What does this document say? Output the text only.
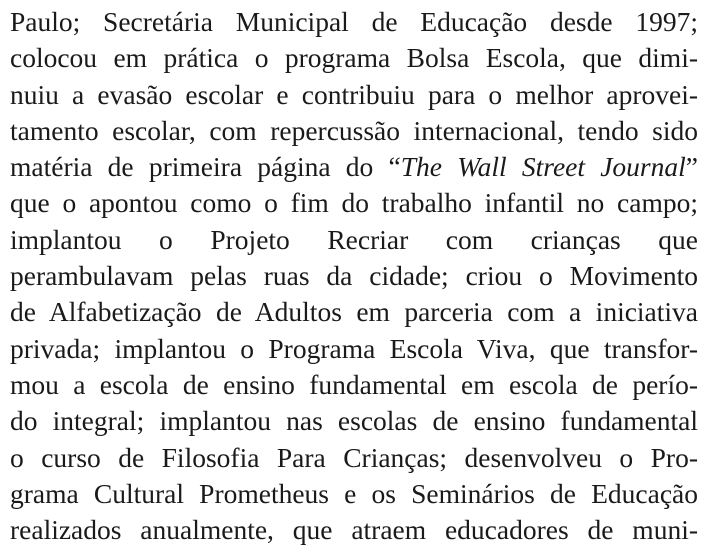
Paulo; Secretária Municipal de Educação desde 1997;
colocou em prática o programa Bolsa Escola, que dimi-
nuiu a evasão escolar e contribuiu para o melhor aprovei-
tamento escolar, com repercussão internacional, tendo sido
matéria de primeira página do “The Wall Street Journal”
que o apontou como o fim do trabalho infantil no campo;
implantou o Projeto Recriar com crianças que
perambulavam pelas ruas da cidade; criou o Movimento
de Alfabetização de Adultos em parceria com a iniciativa
privada; implantou o Programa Escola Viva, que transfor-
mou a escola de ensino fundamental em escola de perío-
do integral; implantou nas escolas de ensino fundamental
o curso de Filosofia Para Crianças; desenvolveu o Pro-
grama Cultural Prometheus e os Seminários de Educação
realizados anualmente, que atraem educadores de muni-
